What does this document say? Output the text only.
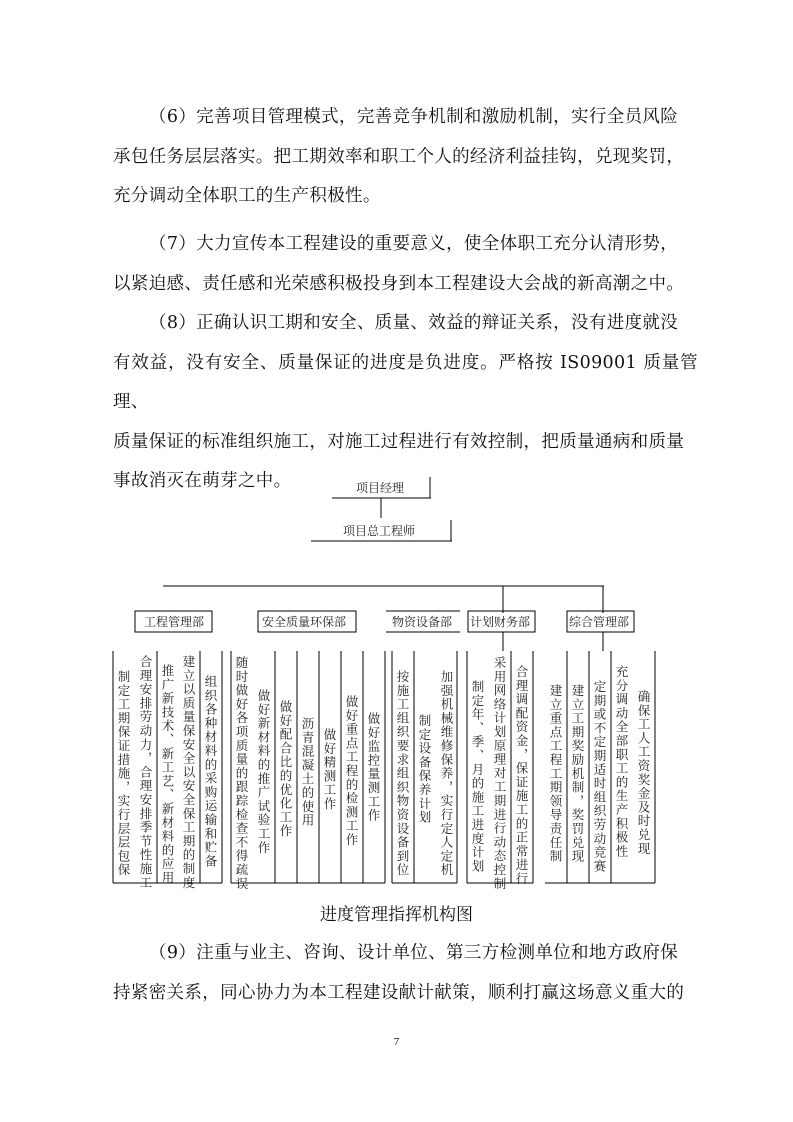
（6）完善项目管理模式，完善竞争机制和激励机制，实行全员风险
承包任务层层落实。把工期效率和职工个人的经济利益挂钩，兑现奖罚，
充分调动全体职工的生产积极性。
（7）大力宣传本工程建设的重要意义，使全体职工充分认清形势，
以紧迫感、责任感和光荣感积极投身到本工程建设大会战的新高潮之中。
（8）正确认识工期和安全、质量、效益的辩证关系，没有进度就没
有效益，没有安全、质量保证的进度是负进度。严格按 IS09001 质量管理、
质量保证的标准组织施工，对施工过程进行有效控制，把质量通病和质量
事故消灭在萌芽之中。	项目经理
项目总工程师
工程管理部	安全质量环保部	物资设备部 计划财务部	综合管理部
制定工期保证措施，实行层层包保 合理安排劳动力，合理安排季节性施工 推广新技术、新工艺、新材料的应用 建立以质量保安全以安全保工期的制度 组织各种材料的采购运输和贮备 随时做好各项质量的跟踪检查不得疏误 做好新材料的推广试验工作 做好配合比的优化工作 沥青混凝土的使用 做好精测工作 做好重点工程的检测工作 做好监控量测工作 按施工组织要求组织物资设备到位 制定设备保养计划 加强机械维修保养，实行定人定机 制定年、季、月的施工进度计划 采用网络计划原理对工期进行动态控制 合理调配资金，保证施工的正常进行 建立重点工程工期领导责任制 建立工期奖励机制，奖罚兑现 定期或不定期适时组织劳动竞赛 充分调动全部职工的生产积极性 确保工人工资奖金及时兑现
进度管理指挥机构图
（9）注重与业主、咨询、设计单位、第三方检测单位和地方政府保
持紧密关系，同心协力为本工程建设献计献策，顺利打赢这场意义重大的
7
